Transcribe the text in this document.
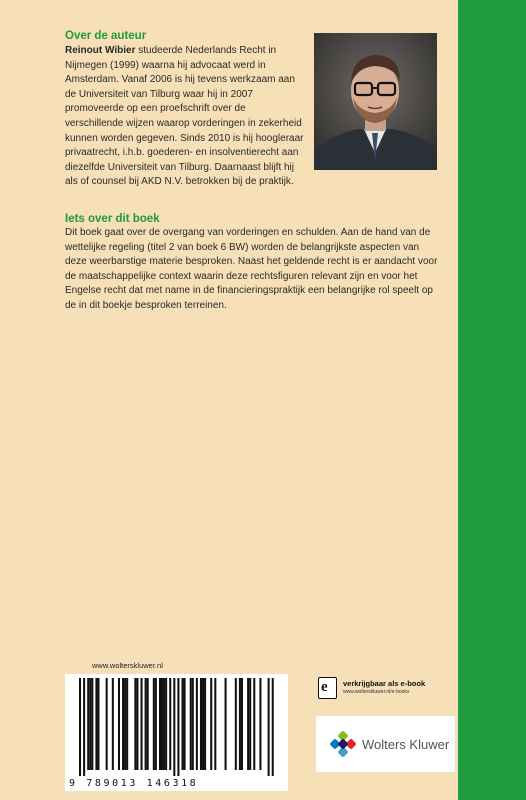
Over de auteur
Reinout Wibier studeerde Nederlands Recht in Nijmegen (1999) waarna hij advocaat werd in Amsterdam. Vanaf 2006 is hij tevens werkzaam aan de Universiteit van Tilburg waar hij in 2007 promoveerde op een proefschrift over de verschillende wijzen waarop vorderingen in zekerheid kunnen worden gegeven. Sinds 2010 is hij hoogleraar privaatrecht, i.h.b. goederen- en insolventierecht aan diezelfde Universiteit van Tilburg. Daarnaast blijft hij als of counsel bij AKD N.V. betrokken bij de praktijk.
Iets over dit boek
Dit boek gaat over de overgang van vorderingen en schulden. Aan de hand van de wettelijke regeling (titel 2 van boek 6 BW) worden de belangrijkste aspecten van deze weerbarstige materie besproken. Naast het geldende recht is er aandacht voor de maatschappelijke context waarin deze rechtsfiguren relevant zijn en voor het Engelse recht dat met name in de financieringspraktijk een belangrijke rol speelt op de in dit boekje besproken terreinen.
www.wolterskluwer.nl
9 789013 146318
e verkrijgbaar als e-book
www.wolterskluwer.nl/e-books
Wolters Kluwer
